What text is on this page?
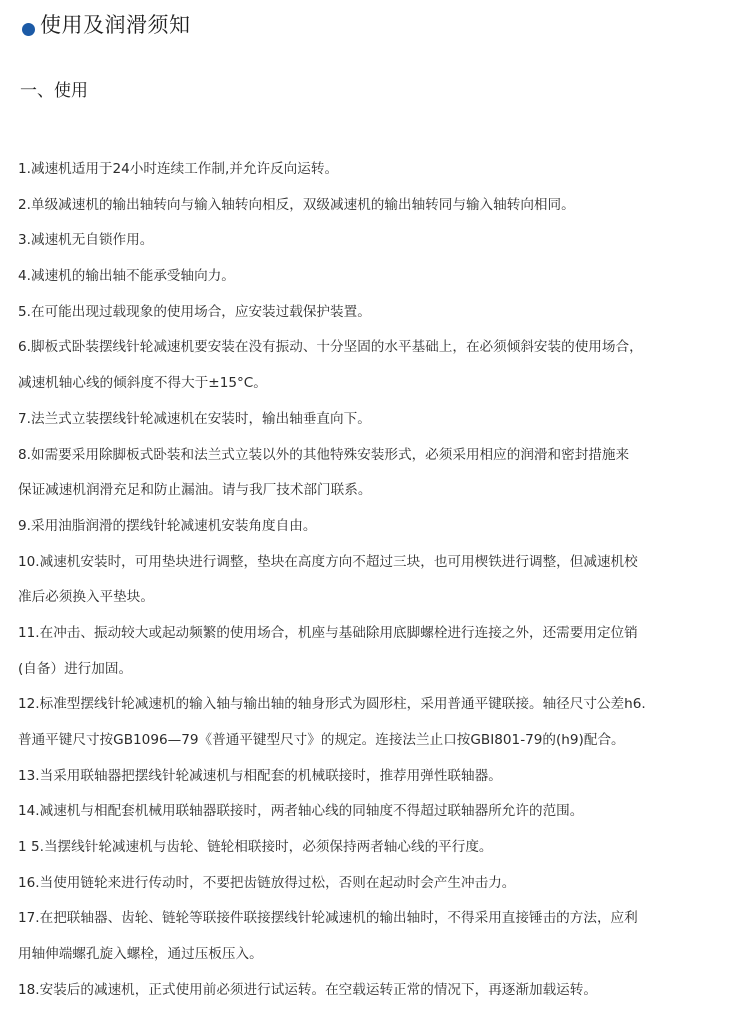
使用及润滑须知
一、使用
1.减速机适用于24小时连续工作制,并允许反向运转。
2.单级减速机的输出轴转向与输入轴转向相反，双级减速机的输出轴转同与输入轴转向相同。
3.减速机无自锁作用。
4.减速机的输出轴不能承受轴向力。
5.在可能出现过载现象的使用场合，应安装过载保护装置。
6.脚板式卧装摆线针轮减速机要安装在没有振动、十分坚固的水平基础上，在必须倾斜安装的使用场合，
减速机轴心线的倾斜度不得大于±15°C。
7.法兰式立装摆线针轮减速机在安装时，输出轴垂直向下。
8.如需要采用除脚板式卧装和法兰式立装以外的其他特殊安装形式，必须采用相应的润滑和密封措施来
保证减速机润滑充足和防止漏油。请与我厂技术部门联系。
9.采用油脂润滑的摆线针轮减速机安装角度自由。
10.减速机安装时，可用垫块进行调整，垫块在高度方向不超过三块，也可用楔铁进行调整，但减速机校
准后必须换入平垫块。
11.在冲击、振动较大或起动频繁的使用场合，机座与基础除用底脚螺栓进行连接之外，还需要用定位销
(自备）进行加固。
12.标准型摆线针轮减速机的输入轴与输出轴的轴身形式为圆形柱，采用普通平键联接。轴径尺寸公差h6.
普通平键尺寸按GB1096—79《普通平键型尺寸》的规定。连接法兰止口按GBI801-79的(h9)配合。
13.当采用联轴器把摆线针轮减速机与相配套的机械联接时，推荐用弹性联轴器。
14.减速机与相配套机械用联轴器联接时，两者轴心线的同轴度不得超过联轴器所允许的范围。
1 5.当摆线针轮减速机与齿轮、链轮相联接时，必须保持两者轴心线的平行度。
16.当使用链轮来进行传动时，不要把齿链放得过松，否则在起动时会产生冲击力。
17.在把联轴器、齿轮、链轮等联接件联接摆线针轮减速机的输出轴时，不得采用直接锤击的方法，应利
用轴伸端螺孔旋入螺栓，通过压板压入。
18.安装后的减速机，正式使用前必须进行试运转。在空载运转正常的情况下，再逐渐加载运转。
